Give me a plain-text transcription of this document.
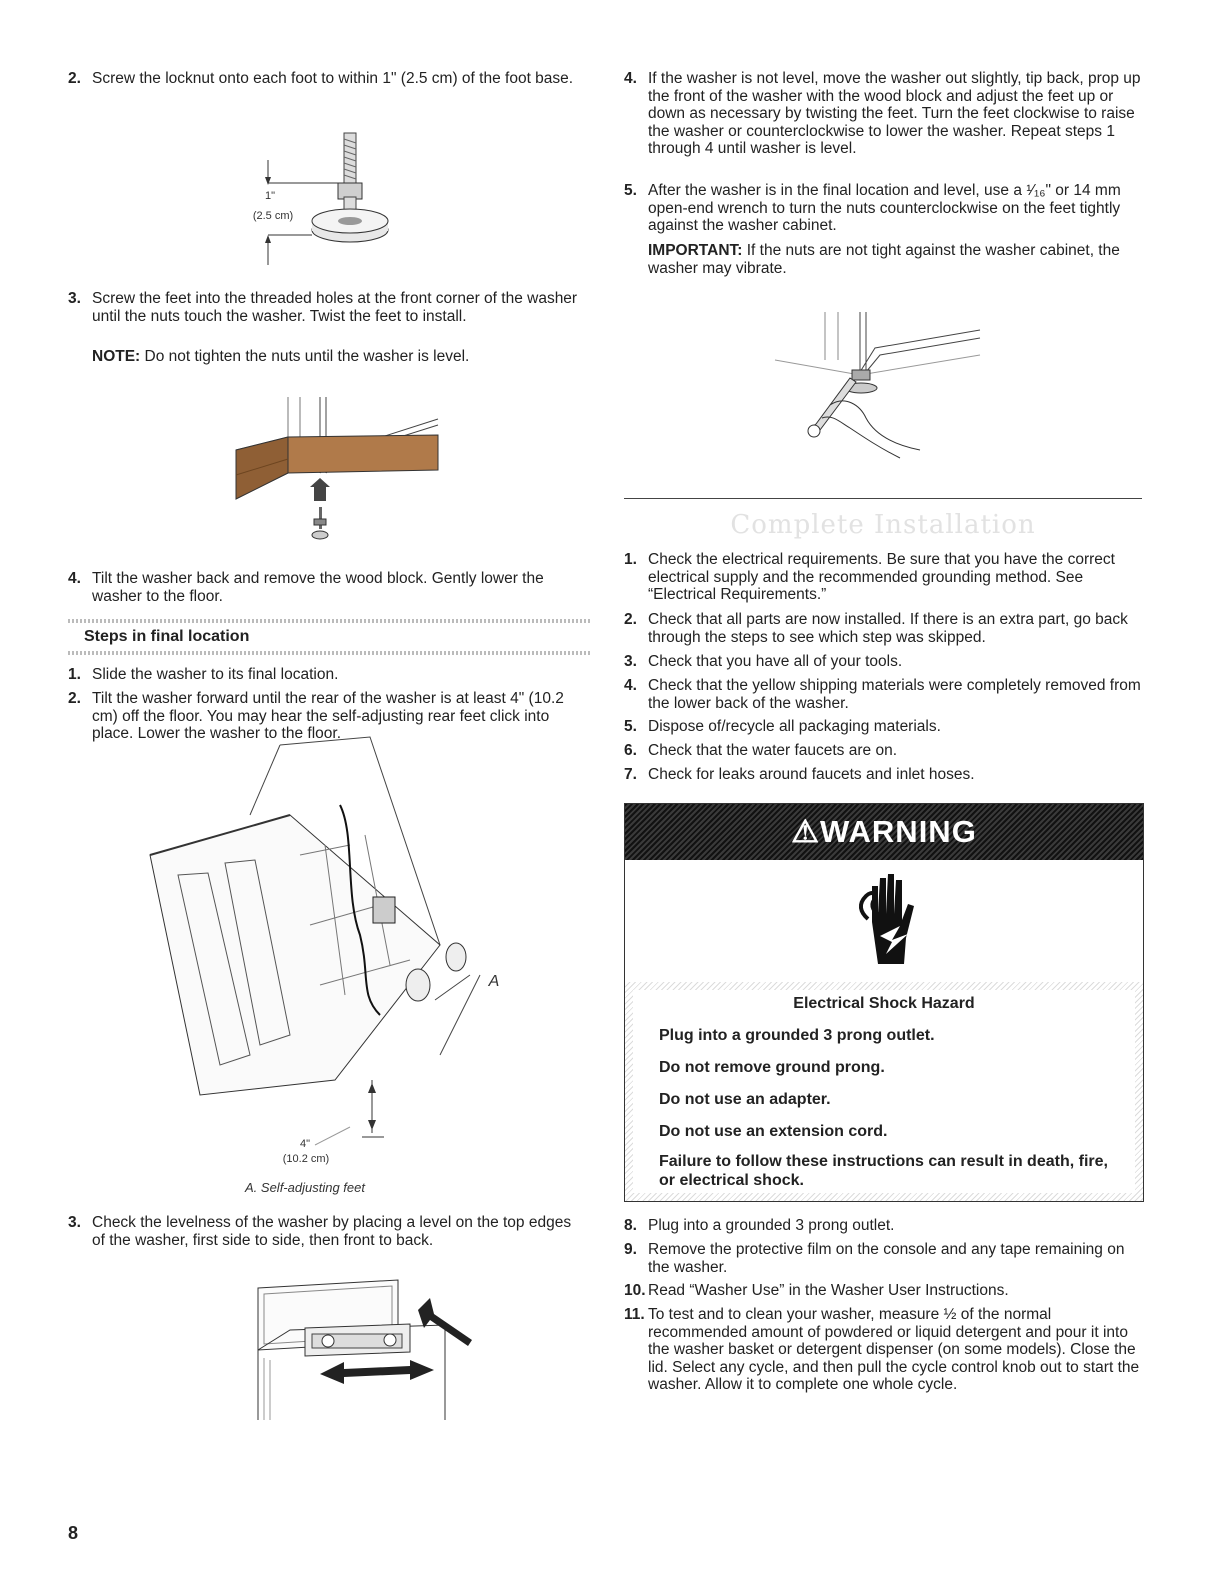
2. Screw the locknut onto each foot to within 1" (2.5 cm) of the foot base.
1"
(2.5 cm)
3. Screw the feet into the threaded holes at the front corner of the washer until the nuts touch the washer. Twist the feet to install.
NOTE: Do not tighten the nuts until the washer is level.
4. Tilt the washer back and remove the wood block. Gently lower the washer to the floor.
Steps in final location
1. Slide the washer to its final location.
2. Tilt the washer forward until the rear of the washer is at least 4" (10.2 cm) off the floor. You may hear the self-adjusting rear feet click into place. Lower the washer to the floor.
A
4"
(10.2 cm)
A. Self-adjusting feet
3. Check the levelness of the washer by placing a level on the top edges of the washer, first side to side, then front to back.
4. If the washer is not level, move the washer out slightly, tip back, prop up the front of the washer with the wood block and adjust the feet up or down as necessary by twisting the feet. Turn the feet clockwise to raise the washer or counterclockwise to lower the washer. Repeat steps 1 through 4 until washer is level.
5. After the washer is in the final location and level, use a ¹⁄₁₆" or 14 mm open-end wrench to turn the nuts counterclockwise on the feet tightly against the washer cabinet.
IMPORTANT: If the nuts are not tight against the washer cabinet, the washer may vibrate.
Complete Installation
1. Check the electrical requirements. Be sure that you have the correct electrical supply and the recommended grounding method. See “Electrical Requirements.”
2. Check that all parts are now installed. If there is an extra part, go back through the steps to see which step was skipped.
3. Check that you have all of your tools.
4. Check that the yellow shipping materials were completely removed from the lower back of the washer.
5. Dispose of/recycle all packaging materials.
6. Check that the water faucets are on.
7. Check for leaks around faucets and inlet hoses.
⚠WARNING
Electrical Shock Hazard
Plug into a grounded 3 prong outlet.
Do not remove ground prong.
Do not use an adapter.
Do not use an extension cord.
Failure to follow these instructions can result in death, fire, or electrical shock.
8. Plug into a grounded 3 prong outlet.
9. Remove the protective film on the console and any tape remaining on the washer.
10. Read “Washer Use” in the Washer User Instructions.
11. To test and to clean your washer, measure ½ of the normal recommended amount of powdered or liquid detergent and pour it into the washer basket or detergent dispenser (on some models). Close the lid. Select any cycle, and then pull the cycle control knob out to start the washer. Allow it to complete one whole cycle.
8
